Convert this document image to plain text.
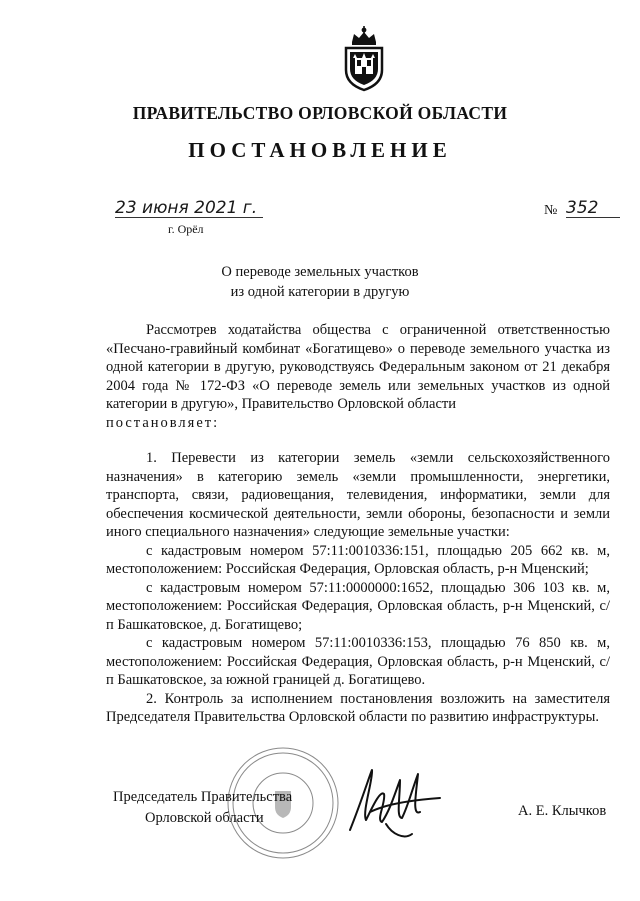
ПРАВИТЕЛЬСТВО ОРЛОВСКОЙ ОБЛАСТИ
ПОСТАНОВЛЕНИЕ
23 июня 2021 г.
г. Орёл
№ 352
О переводе земельных участков
из одной категории в другую

Рассмотрев ходатайства общества с ограниченной ответственностью «Песчано-гравийный комбинат «Богатищево» о переводе земельного участка из одной категории в другую, руководствуясь Федеральным законом от 21 декабря 2004 года № 172-ФЗ «О переводе земель или земельных участков из одной категории в другую», Правительство Орловской области
постановляет:

1. Перевести из категории земель «земли сельскохозяйственного назначения» в категорию земель «земли промышленности, энергетики, транспорта, связи, радиовещания, телевидения, информатики, земли для обеспечения космической деятельности, земли обороны, безопасности и земли иного специального назначения» следующие земельные участки:

с кадастровым номером 57:11:0010336:151, площадью 205 662 кв. м, местоположением: Российская Федерация, Орловская область, р-н Мценский;

с кадастровым номером 57:11:0000000:1652, площадью 306 103 кв. м, местоположением: Российская Федерация, Орловская область, р-н Мценский, с/п Башкатовское, д. Богатищево;

с кадастровым номером 57:11:0010336:153, площадью 76 850 кв. м, местоположением: Российская Федерация, Орловская область, р-н Мценский, с/п Башкатовское, за южной границей д. Богатищево.

2. Контроль за исполнением постановления возложить на заместителя Председателя Правительства Орловской области по развитию инфраструктуры.

Председатель Правительства
Орловской области	А. Е. Клычков
